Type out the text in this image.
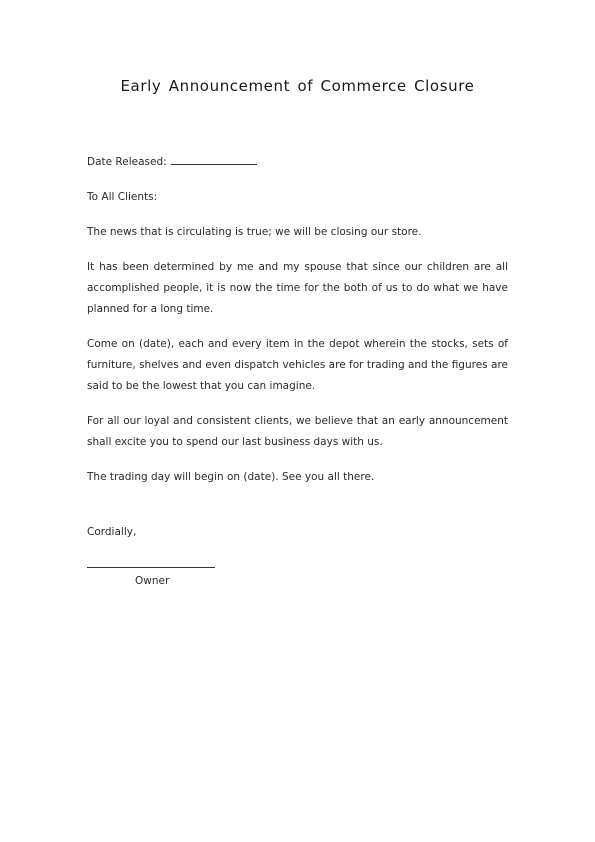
Early Announcement of Commerce Closure
Date Released:
To All Clients:
The news that is circulating is true; we will be closing our store.
It has been determined by me and my spouse that since our children are all accomplished people, it is now the time for the both of us to do what we have planned for a long time.
Come on (date), each and every item in the depot wherein the stocks, sets of furniture, shelves and even dispatch vehicles are for trading and the figures are said to be the lowest that you can imagine.
For all our loyal and consistent clients, we believe that an early announcement shall excite you to spend our last business days with us.
The trading day will begin on (date). See you all there.
Cordially,
Owner
